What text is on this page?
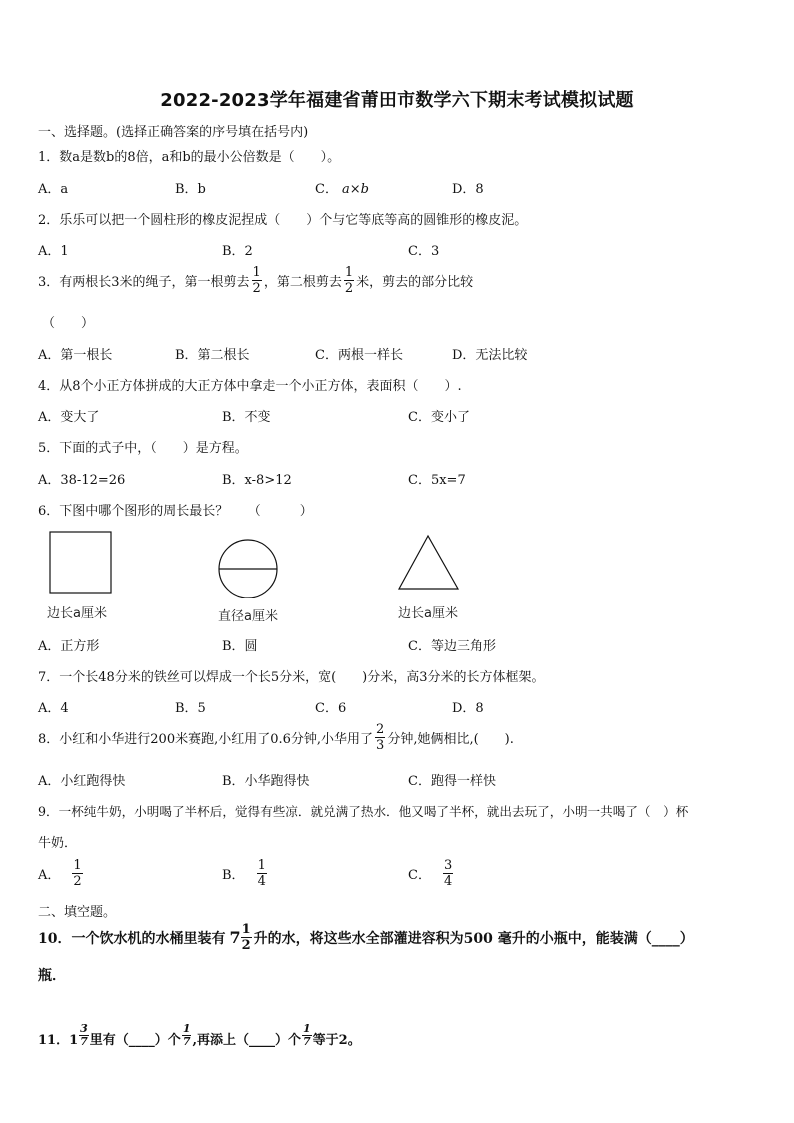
2022-2023学年福建省莆田市数学六下期末考试模拟试题
一、选择题。(选择正确答案的序号填在括号内)
1．数a是数b的8倍，a和b的最小公倍数是（　　）。
A．a	B．b	C． a×b	D．8
2．乐乐可以把一个圆柱形的橡皮泥捏成（　　）个与它等底等高的圆锥形的橡皮泥。
A．1	B．2	C．3
3．有两根长3米的绳子，第一根剪去 $\frac{1}{2}$ ，第二根剪去 $\frac{1}{2}$ 米，剪去的部分比较
（　　）
A．第一根长	B．第二根长	C．两根一样长	D．无法比较
4．从8个小正方体拼成的大正方体中拿走一个小正方体，表面积（　　）.
A．变大了	B．不变	C．变小了
5．下面的式子中，（　　）是方程。
A．38-12=26	B．x-8>12	C．5x=7
6．下图中哪个图形的周长最长？　　（　　　）
边长a厘米	直径a厘米	边长a厘米
A．正方形	B．圆	C．等边三角形
7．一个长48分米的铁丝可以焊成一个长5分米，宽(　　)分米，高3分米的长方体框架。
A．4	B．5	C．6	D．8
8．小红和小华进行200米赛跑,小红用了0.6分钟,小华用了 $\frac{2}{3}$ 分钟,她俩相比,(　　).
A．小红跑得快	B．小华跑得快	C．跑得一样快
9．一杯纯牛奶，小明喝了半杯后，觉得有些凉．就兑满了热水．他又喝了半杯，就出去玩了，小明一共喝了（　）杯
牛奶．
A． $\frac{1}{2}$	B． $\frac{1}{4}$	C． $\frac{3}{4}$
二、填空题。
10．一个饮水机的水桶里装有 $7 \frac{1}{2}$ 升的水，将这些水全部灌进容积为500 毫升的小瓶中，能装满（____）
瓶．
11． $1 \frac{3}{7}$ 里有（____）个 $\frac{1}{7}$ ,再添上（____）个 $\frac{1}{7}$ 等于2。
